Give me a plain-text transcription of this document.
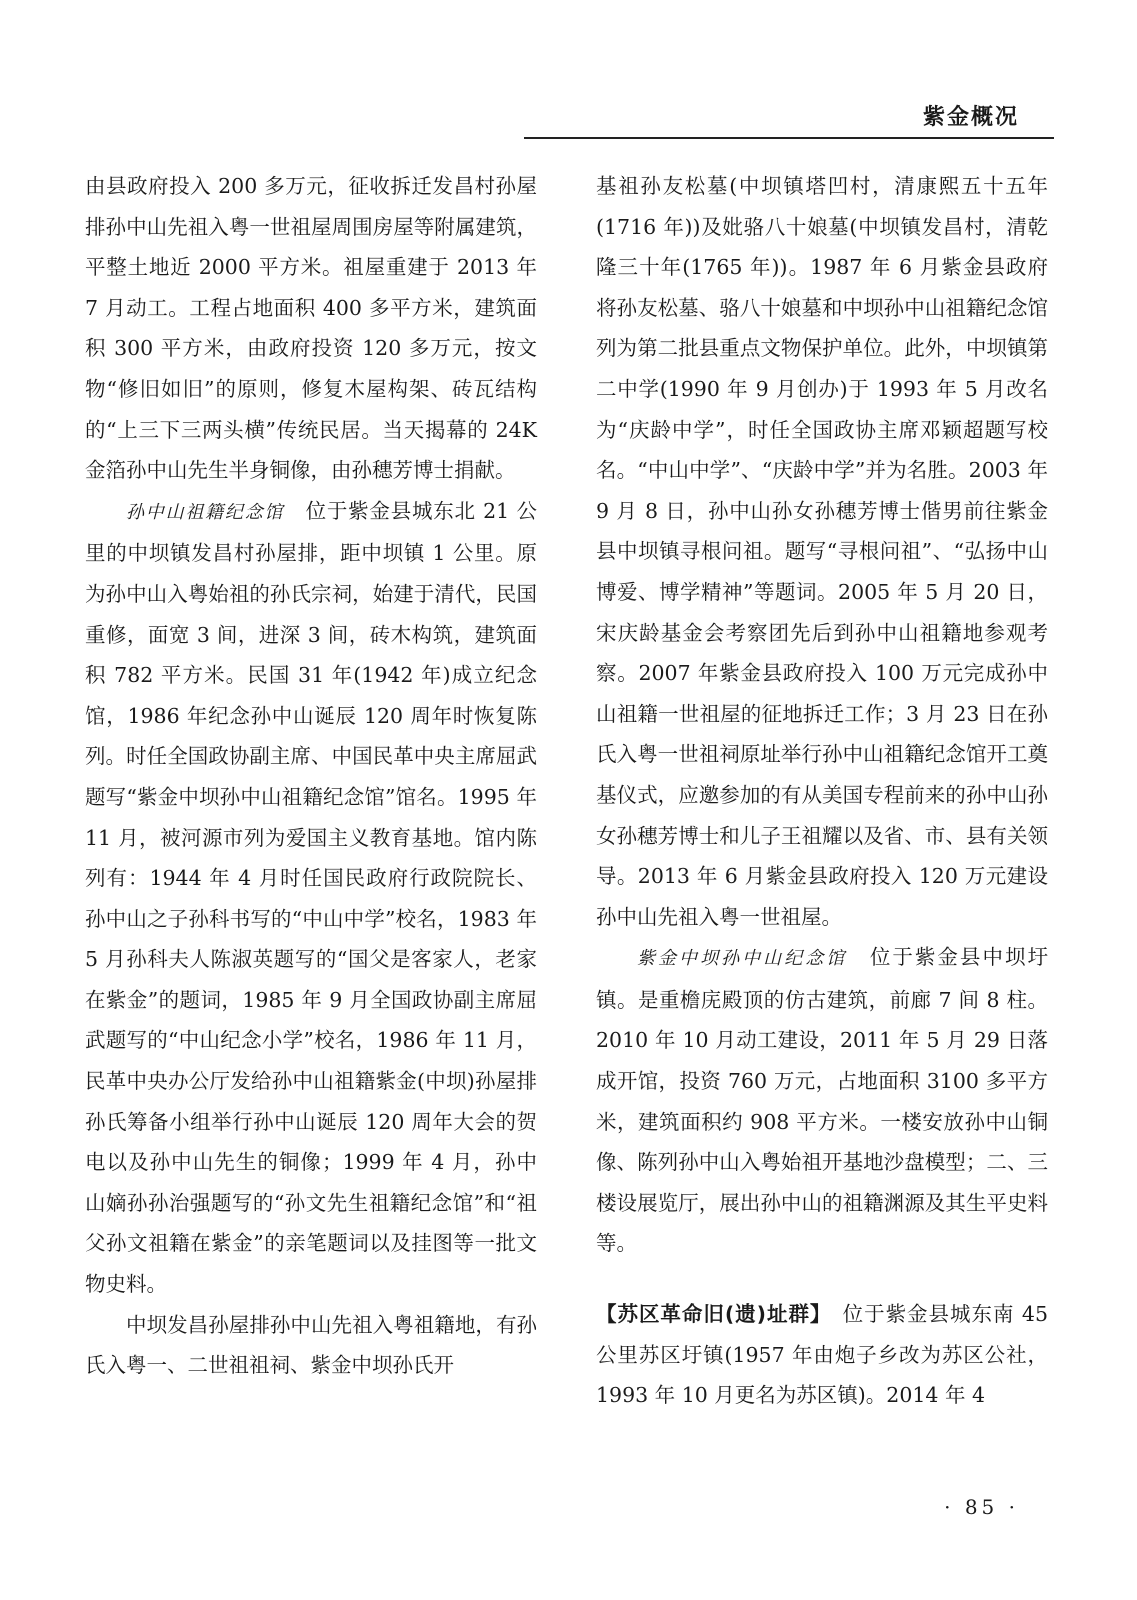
紫金概况

由县政府投入 200 多万元，征收拆迁发昌村孙屋排孙中山先祖入粤一世祖屋周围房屋等附属建筑，平整土地近 2000 平方米。祖屋重建于 2013 年 7 月动工。工程占地面积 400 多平方米，建筑面积 300 平方米，由政府投资 120 多万元，按文物“修旧如旧”的原则，修复木屋构架、砖瓦结构的“上三下三两头横”传统民居。当天揭幕的 24K 金箔孙中山先生半身铜像，由孙穗芳博士捐献。

孙中山祖籍纪念馆　 位于紫金县城东北 21 公里的中坝镇发昌村孙屋排，距中坝镇 1 公里。原为孙中山入粤始祖的孙氏宗祠，始建于清代，民国重修，面宽 3 间，进深 3 间，砖木构筑，建筑面积 782 平方米。民国 31 年(1942 年)成立纪念馆，1986 年纪念孙中山诞辰 120 周年时恢复陈列。时任全国政协副主席、中国民革中央主席屈武题写“紫金中坝孙中山祖籍纪念馆”馆名。1995 年 11 月，被河源市列为爱国主义教育基地。馆内陈列有：1944 年 4 月时任国民政府行政院院长、孙中山之子孙科书写的“中山中学”校名，1983 年 5 月孙科夫人陈淑英题写的“国父是客家人，老家在紫金”的题词，1985 年 9 月全国政协副主席屈武题写的“中山纪念小学”校名，1986 年 11 月，民革中央办公厅发给孙中山祖籍紫金(中坝)孙屋排孙氏筹备小组举行孙中山诞辰 120 周年大会的贺电以及孙中山先生的铜像；1999 年 4 月，孙中山嫡孙孙治强题写的“孙文先生祖籍纪念馆”和“祖父孙文祖籍在紫金”的亲笔题词以及挂图等一批文物史料。

中坝发昌孙屋排孙中山先祖入粤祖籍地，有孙氏入粤一、二世祖祖祠、紫金中坝孙氏开

基祖孙友松墓(中坝镇塔凹村，清康熙五十五年(1716 年))及妣骆八十娘墓(中坝镇发昌村，清乾隆三十年(1765 年))。1987 年 6 月紫金县政府将孙友松墓、骆八十娘墓和中坝孙中山祖籍纪念馆列为第二批县重点文物保护单位。此外，中坝镇第二中学(1990 年 9 月创办)于 1993 年 5 月改名为“庆龄中学”，时任全国政协主席邓颖超题写校名。“中山中学”、“庆龄中学”并为名胜。2003 年 9 月 8 日，孙中山孙女孙穗芳博士偕男前往紫金县中坝镇寻根问祖。题写“寻根问祖”、“弘扬中山博爱、博学精神”等题词。2005 年 5 月 20 日，宋庆龄基金会考察团先后到孙中山祖籍地参观考察。2007 年紫金县政府投入 100 万元完成孙中山祖籍一世祖屋的征地拆迁工作；3 月 23 日在孙氏入粤一世祖祠原址举行孙中山祖籍纪念馆开工奠基仪式，应邀参加的有从美国专程前来的孙中山孙女孙穗芳博士和儿子王祖耀以及省、市、县有关领导。2013 年 6 月紫金县政府投入 120 万元建设孙中山先祖入粤一世祖屋。

紫金中坝孙中山纪念馆　 位于紫金县中坝圩镇。是重檐庑殿顶的仿古建筑，前廊 7 间 8 柱。2010 年 10 月动工建设，2011 年 5 月 29 日落成开馆，投资 760 万元，占地面积 3100 多平方米，建筑面积约 908 平方米。一楼安放孙中山铜像、陈列孙中山入粤始祖开基地沙盘模型；二、三楼设展览厅，展出孙中山的祖籍渊源及其生平史料等。

【苏区革命旧(遗)址群】　 位于紫金县城东南 45 公里苏区圩镇(1957 年由炮子乡改为苏区公社，1993 年 10 月更名为苏区镇)。2014 年 4

· 85 ·
